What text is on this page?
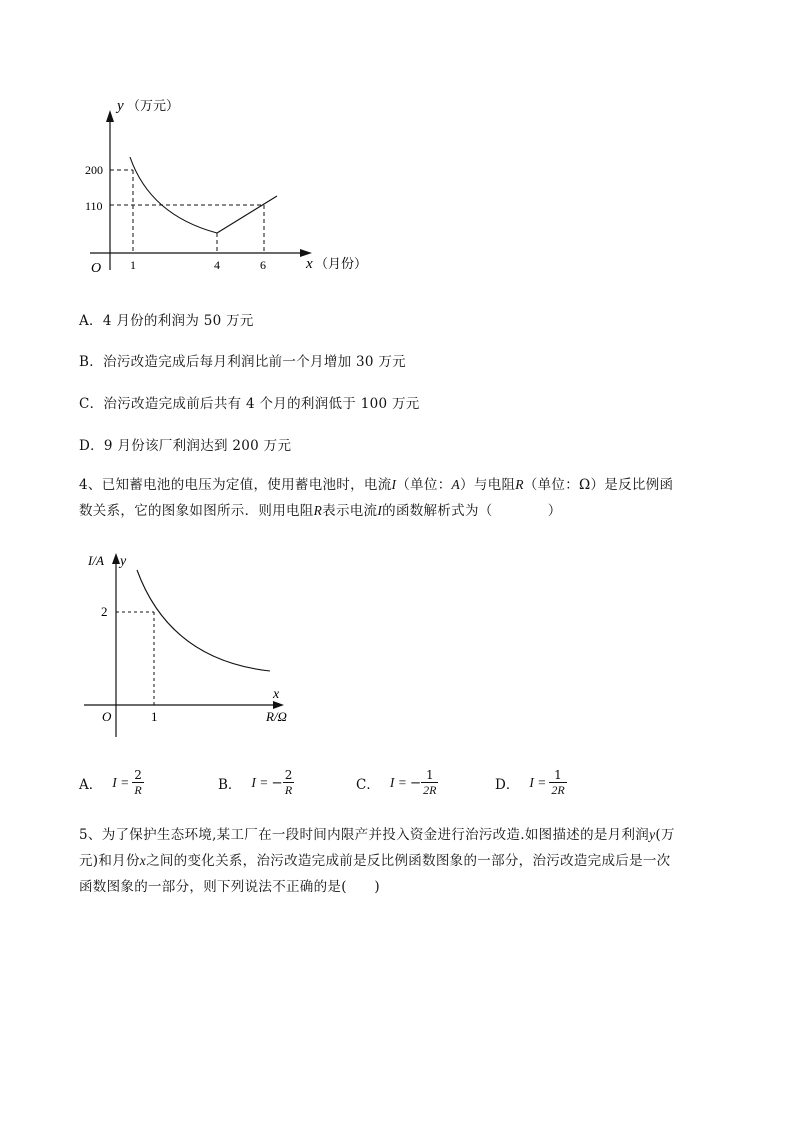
y （万元）
200
110
O 1	4	6	x （月份）
A．4 月份的利润为 50 万元
B．治污改造完成后每月利润比前一个月增加 30 万元
C．治污改造完成前后共有 4 个月的利润低于 100 万元
D．9 月份该厂利润达到 200 万元
4、已知蓄电池的电压为定值，使用蓄电池时，电流I（单位：A）与电阻R（单位：Ω）是反比例函
数关系，它的图象如图所示．则用电阻R表示电流I的函数解析式为（　　　　）
I/A y
2
O	1
x
R/Ω
A． $I = \frac{2}{R}$	B． I = − $\frac{2}{R}$	C． I = − $\frac{1}{2R}$	D． $I = \frac{1}{2R}$
5、为了保护生态环境,某工厂在一段时间内限产并投入资金进行治污改造.如图描述的是月利润y(万
元)和月份x之间的变化关系，治污改造完成前是反比例函数图象的一部分，治污改造完成后是一次
函数图象的一部分，则下列说法不正确的是(　　)
